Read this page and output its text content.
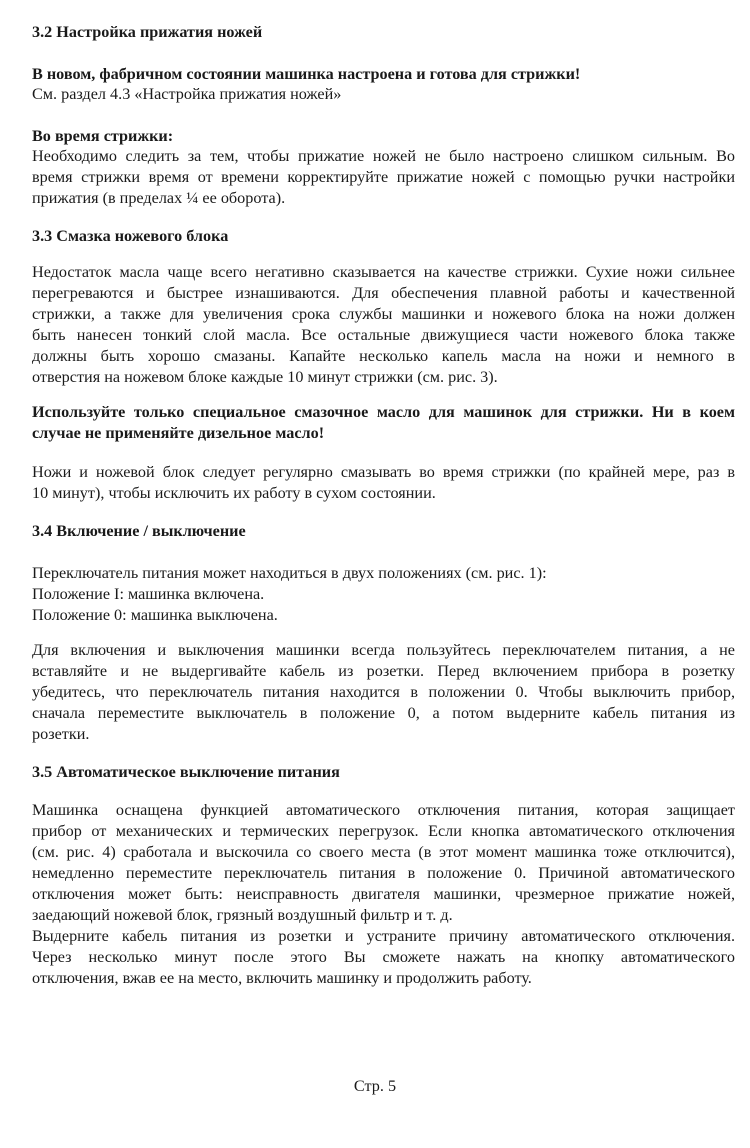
3.2 Настройка прижатия ножей

В новом, фабричном состоянии машинка настроена и готова для стрижки!

См. раздел 4.3 «Настройка прижатия ножей»

Во время стрижки:

Необходимо следить за тем, чтобы прижатие ножей не было настроено слишком сильным. Во
время стрижки время от времени корректируйте прижатие ножей с помощью ручки настройки
прижатия (в пределах ¼ ее оборота).

3.3 Смазка ножевого блока

Недостаток масла чаще всего негативно сказывается на качестве стрижки. Сухие ножи сильнее
перегреваются и быстрее изнашиваются. Для обеспечения плавной работы и качественной
стрижки, а также для увеличения срока службы машинки и ножевого блока на ножи должен
быть нанесен тонкий слой масла. Все остальные движущиеся части ножевого блока также
должны быть хорошо смазаны. Капайте несколько капель масла на ножи и немного в
отверстия на ножевом блоке каждые 10 минут стрижки (см. рис. 3).
Используйте только специальное смазочное масло для машинок для стрижки. Ни в коем
случае не применяйте дизельное масло!
Ножи и ножевой блок следует регулярно смазывать во время стрижки (по крайней мере, раз в
10 минут), чтобы исключить их работу в сухом состоянии.

3.4 Включение / выключение

Переключатель питания может находиться в двух положениях (см. рис. 1):
Положение I: машинка включена.
Положение 0: машинка выключена.
Для включения и выключения машинки всегда пользуйтесь переключателем питания, а не
вставляйте и не выдергивайте кабель из розетки. Перед включением прибора в розетку
убедитесь, что переключатель питания находится в положении 0. Чтобы выключить прибор,
сначала переместите выключатель в положение 0, а потом выдерните кабель питания из
розетки.

3.5 Автоматическое выключение питания

Машинка оснащена функцией автоматического отключения питания, которая защищает
прибор от механических и термических перегрузок. Если кнопка автоматического отключения
(см. рис. 4) сработала и выскочила со своего места (в этот момент машинка тоже отключится),
немедленно переместите переключатель питания в положение 0. Причиной автоматического
отключения может быть: неисправность двигателя машинки, чрезмерное прижатие ножей,
заедающий ножевой блок, грязный воздушный фильтр и т. д.
Выдерните кабель питания из розетки и устраните причину автоматического отключения.
Через несколько минут после этого Вы сможете нажать на кнопку автоматического
отключения, вжав ее на место, включить машинку и продолжить работу.
Стр. 5
